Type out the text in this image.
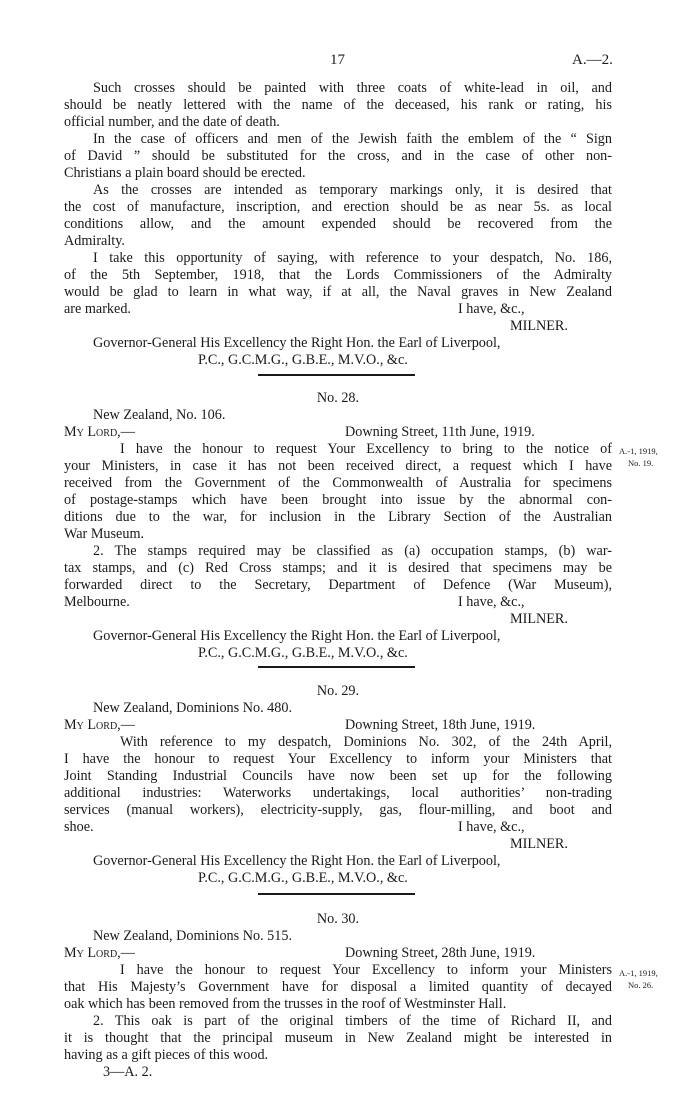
17	A.—2.
Such crosses should be painted with three coats of white-lead in oil, and
should be neatly lettered with the name of the deceased, his rank or rating, his
official number, and the date of death.
In the case of officers and men of the Jewish faith the emblem of the “ Sign
of David ” should be substituted for the cross, and in the case of other non-
Christians a plain board should be erected.
As the crosses are intended as temporary markings only, it is desired that
the cost of manufacture, inscription, and erection should be as near 5s. as local
conditions allow, and the amount expended should be recovered from the
Admiralty.
I take this opportunity of saying, with reference to your despatch, No. 186,
of the 5th September, 1918, that the Lords Commissioners of the Admiralty
would be glad to learn in what way, if at all, the Naval graves in New Zealand
are marked.	I have, &c.,
MILNER.
Governor-General His Excellency the Right Hon. the Earl of Liverpool,
P.C., G.C.M.G., G.B.E., M.V.O., &c.
No. 28.
New Zealand, No. 106.
My Lord,—	Downing Street, 11th June, 1919.
I have the honour to request Your Excellency to bring to the notice of
your Ministers, in case it has not been received direct, a request which I have
received from the Government of the Commonwealth of Australia for specimens
of postage-stamps which have been brought into issue by the abnormal con-
ditions due to the war, for inclusion in the Library Section of the Australian
War Museum.
2. The stamps required may be classified as (a) occupation stamps, (b) war-
tax stamps, and (c) Red Cross stamps; and it is desired that specimens may be
forwarded direct to the Secretary, Department of Defence (War Museum),
Melbourne.	I have, &c.,
MILNER.
Governor-General His Excellency the Right Hon. the Earl of Liverpool,
P.C., G.C.M.G., G.B.E., M.V.O., &c.
A.-1, 1919,
No. 19.
No. 29.
New Zealand, Dominions No. 480.
My Lord,—	Downing Street, 18th June, 1919.
With reference to my despatch, Dominions No. 302, of the 24th April,
I have the honour to request Your Excellency to inform your Ministers that
Joint Standing Industrial Councils have now been set up for the following
additional industries: Waterworks undertakings, local authorities’ non-trading
services (manual workers), electricity-supply, gas, flour-milling, and boot and
shoe.	I have, &c.,
MILNER.
Governor-General His Excellency the Right Hon. the Earl of Liverpool,
P.C., G.C.M.G., G.B.E., M.V.O., &c.
No. 30.
New Zealand, Dominions No. 515.
My Lord,—	Downing Street, 28th June, 1919.
I have the honour to request Your Excellency to inform your Ministers
that His Majesty’s Government have for disposal a limited quantity of decayed
oak which has been removed from the trusses in the roof of Westminster Hall.
2. This oak is part of the original timbers of the time of Richard II, and
it is thought that the principal museum in New Zealand might be interested in
having as a gift pieces of this wood.
A.-1, 1919,
No. 26.
3—A. 2.
